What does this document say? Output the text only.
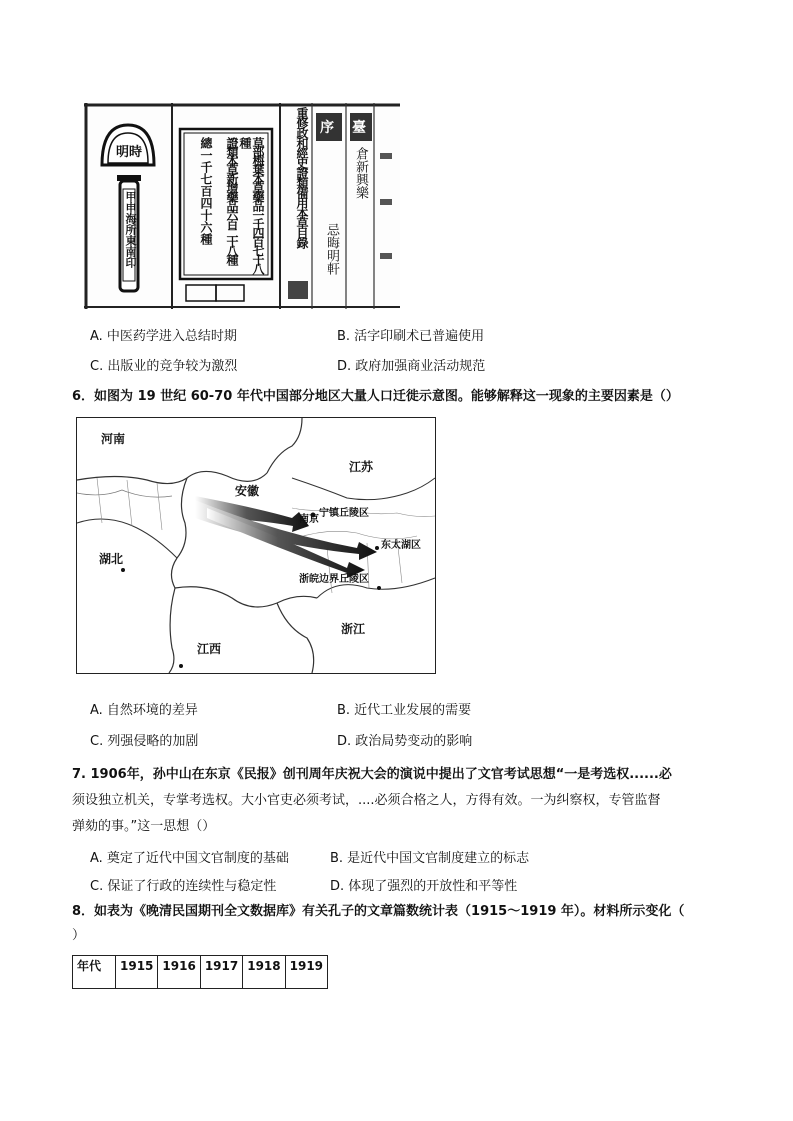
明時
甲申海所東南印	草部梅葉本草藥品一千四百七十八種
證類本草新增藥品六百二十八種
總一千七百四十六種	重修政和經史證類備用本草目錄 序 臺
倉新興樂
忌晦明軒
A. 中医药学进入总结时期	B. 活字印刷术已普遍使用
C. 出版业的竞争较为激烈	D. 政府加强商业活动规范
6．如图为 19 世纪 60-70 年代中国部分地区大量人口迁徙示意图。能够解释这一现象的主要因素是（）
河南
江苏
安徽
南京
宁镇丘陵区
东太湖区
湖北
浙皖边界丘陵区
浙江
江西
A. 自然环境的差异	B. 近代工业发展的需要
C. 列强侵略的加剧	D. 政治局势变动的影响
7. 1906年，孙中山在东京《民报》创刊周年庆祝大会的演说中提出了文官考试思想“一是考选权......必
须设独立机关，专掌考选权。大小官吏必须考试，....必须合格之人，方得有效。一为纠察权，专管监督
弹劾的事。”这一思想（）
A. 奠定了近代中国文官制度的基础	B. 是近代中国文官制度建立的标志
C. 保证了行政的连续性与稳定性	D. 体现了强烈的开放性和平等性
8．如表为《晚清民国期刊全文数据库》有关孔子的文章篇数统计表（1915～1919 年）。材料所示变化（
）
年代	1915	1916	1917	1918	1919
